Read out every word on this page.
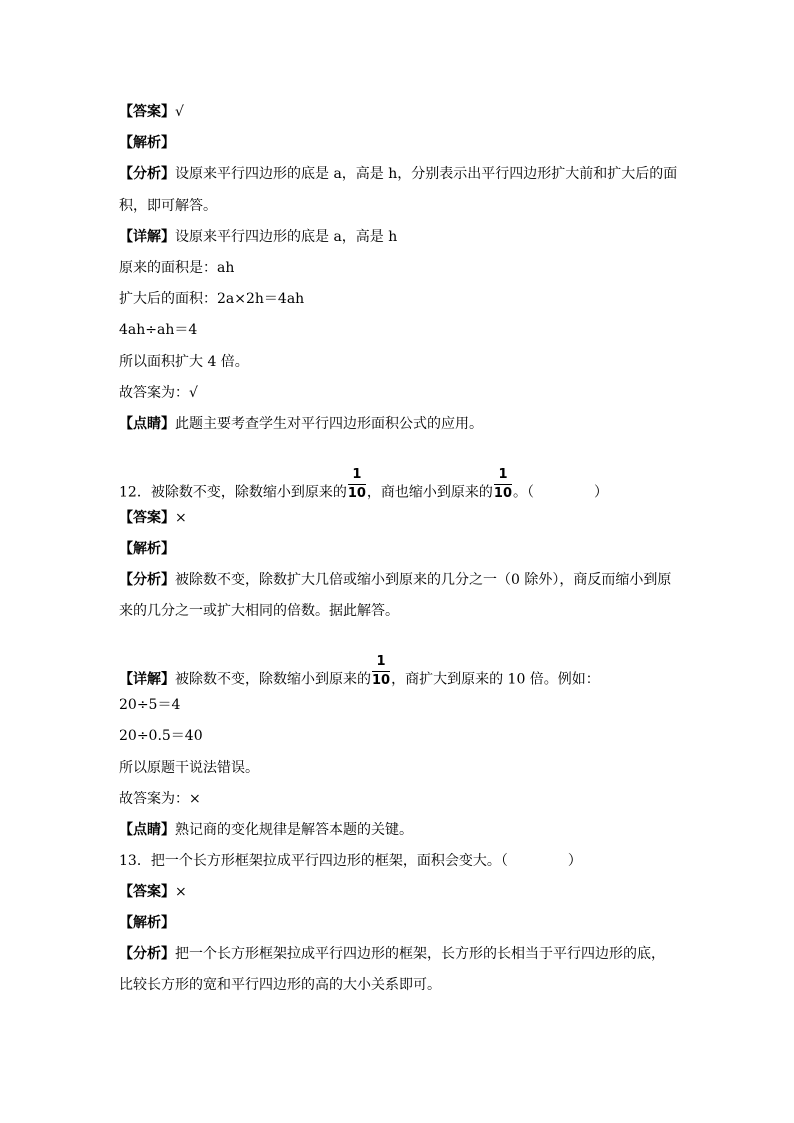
【答案】√
【解析】
【分析】设原来平行四边形的底是 a，高是 h，分别表示出平行四边形扩大前和扩大后的面
积，即可解答。
【详解】设原来平行四边形的底是 a，高是 h
原来的面积是：ah
扩大后的面积：2a×2h＝4ah
4ah÷ah＝4
所以面积扩大 4 倍。
故答案为：√
【点睛】此题主要考查学生对平行四边形面积公式的应用。
12．被除数不变，除数缩小到原来的 $\frac{1}{10}$ ，商也缩小到原来的 $\frac{1}{10}$ 。（	）
【答案】×
【解析】
【分析】被除数不变，除数扩大几倍或缩小到原来的几分之一（0 除外），商反而缩小到原
来的几分之一或扩大相同的倍数。据此解答。
【详解】被除数不变，除数缩小到原来的 $\frac{1}{10}$ ，商扩大到原来的 10 倍。例如：
20÷5＝4
20÷0.5＝40
所以原题干说法错误。
故答案为：×
【点睛】熟记商的变化规律是解答本题的关键。
13．把一个长方形框架拉成平行四边形的框架，面积会变大。（	）
【答案】×
【解析】
【分析】把一个长方形框架拉成平行四边形的框架，长方形的长相当于平行四边形的底，
比较长方形的宽和平行四边形的高的大小关系即可。
